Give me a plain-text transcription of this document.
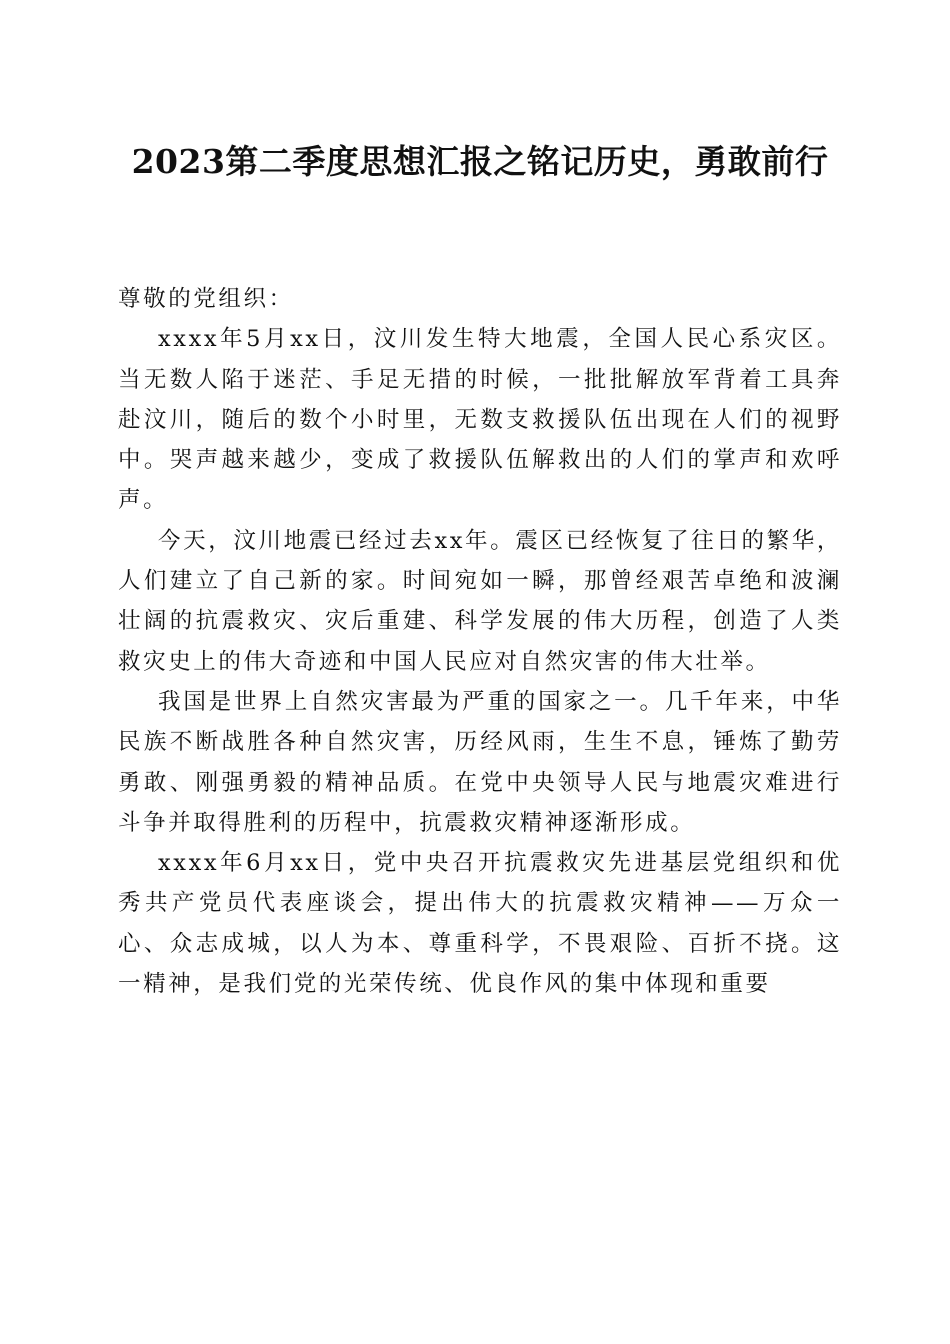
2023第二季度思想汇报之铭记历史，勇敢前行

尊敬的党组织：

xxxx年5月xx日，汶川发生特大地震，全国人民心系灾区。当无数人陷于迷茫、手足无措的时候，一批批解放军背着工具奔赴汶川，随后的数个小时里，无数支救援队伍出现在人们的视野中。哭声越来越少，变成了救援队伍解救出的人们的掌声和欢呼声。

今天，汶川地震已经过去xx年。震区已经恢复了往日的繁华，人们建立了自己新的家。时间宛如一瞬，那曾经艰苦卓绝和波澜壮阔的抗震救灾、灾后重建、科学发展的伟大历程，创造了人类救灾史上的伟大奇迹和中国人民应对自然灾害的伟大壮举。

我国是世界上自然灾害最为严重的国家之一。几千年来，中华民族不断战胜各种自然灾害，历经风雨，生生不息，锤炼了勤劳勇敢、刚强勇毅的精神品质。在党中央领导人民与地震灾难进行斗争并取得胜利的历程中，抗震救灾精神逐渐形成。

xxxx年6月xx日，党中央召开抗震救灾先进基层党组织和优秀共产党员代表座谈会，提出伟大的抗震救灾精神——万众一心、众志成城，以人为本、尊重科学，不畏艰险、百折不挠。这一精神，是我们党的光荣传统、优良作风的集中体现和重要
